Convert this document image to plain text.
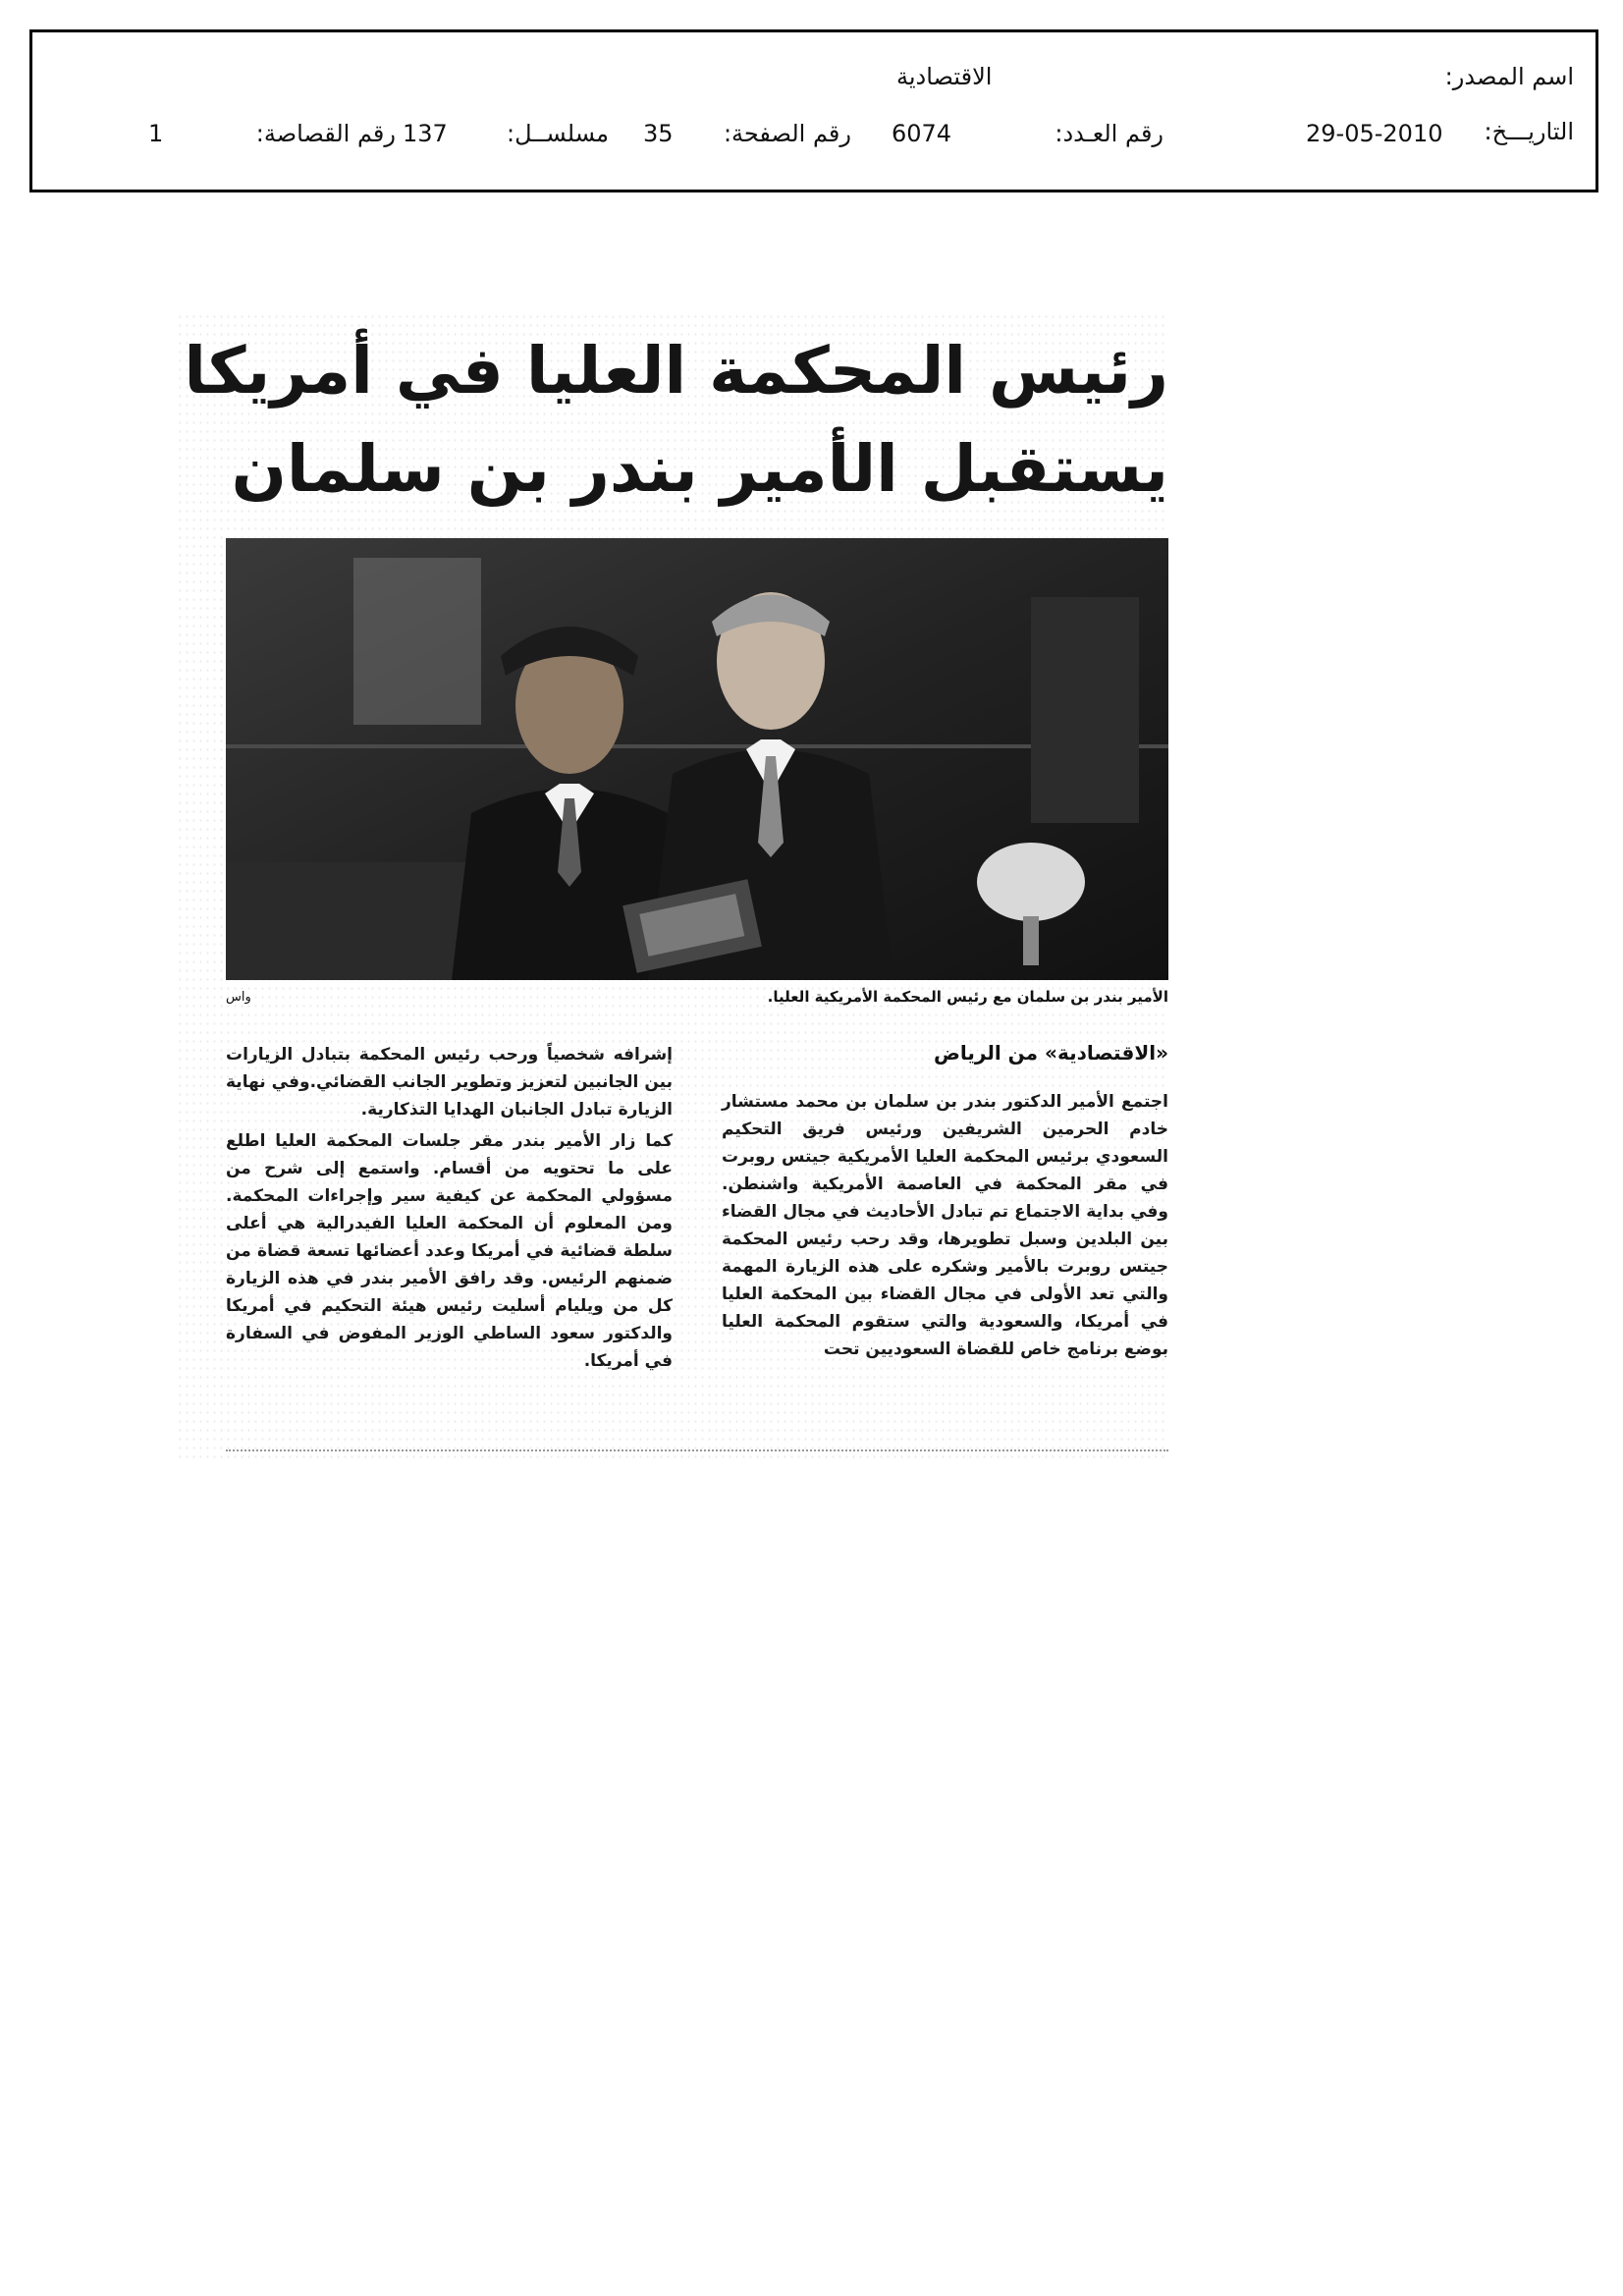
اسم المصدر:
الاقتصادية
التاريـــخ:
29-05-2010
رقم العـدد:
6074
رقم الصفحة:
35
مسلســل:
137
رقم القصاصة:
1
رئيس المحكمة العليا في أمريكا
يستقبل الأمير بندر بن سلمان
الأمير بندر بن سلمان مع رئيس المحكمة الأمريكية العليا.
واس
«الاقتصادية» من الرياض

اجتمع الأمير الدكتور بندر بن سلمان بن محمد مستشار خادم الحرمين الشريفين ورئيس فريق التحكيم السعودي برئيس المحكمة العليا الأمريكية جيتس روبرت في مقر المحكمة في العاصمة الأمريكية واشنطن. وفي بداية الاجتماع تم تبادل الأحاديث في مجال القضاء بين البلدين وسبل تطويرها، وقد رحب رئيس المحكمة جيتس روبرت بالأمير وشكره على هذه الزيارة المهمة والتي تعد الأولى في مجال القضاء بين المحكمة العليا في أمريكا، والسعودية والتي ستقوم المحكمة العليا بوضع برنامج خاص للقضاة السعوديين تحت

إشرافه شخصياً ورحب رئيس المحكمة بتبادل الزيارات بين الجانبين لتعزيز وتطوير الجانب القضائي.وفي نهاية الزيارة تبادل الجانبان الهدايا التذكارية.

كما زار الأمير بندر مقر جلسات المحكمة العليا اطلع على ما تحتويه من أقسام. واستمع إلى شرح من مسؤولي المحكمة عن كيفية سير وإجراءات المحكمة. ومن المعلوم أن المحكمة العليا الفيدرالية هي أعلى سلطة قضائية في أمريكا وعدد أعضائها تسعة قضاة من ضمنهم الرئيس. وقد رافق الأمير بندر في هذه الزيارة كل من ويليام أسليت رئيس هيئة التحكيم في أمريكا والدكتور سعود الساطي الوزير المفوض في السفارة في أمريكا.
